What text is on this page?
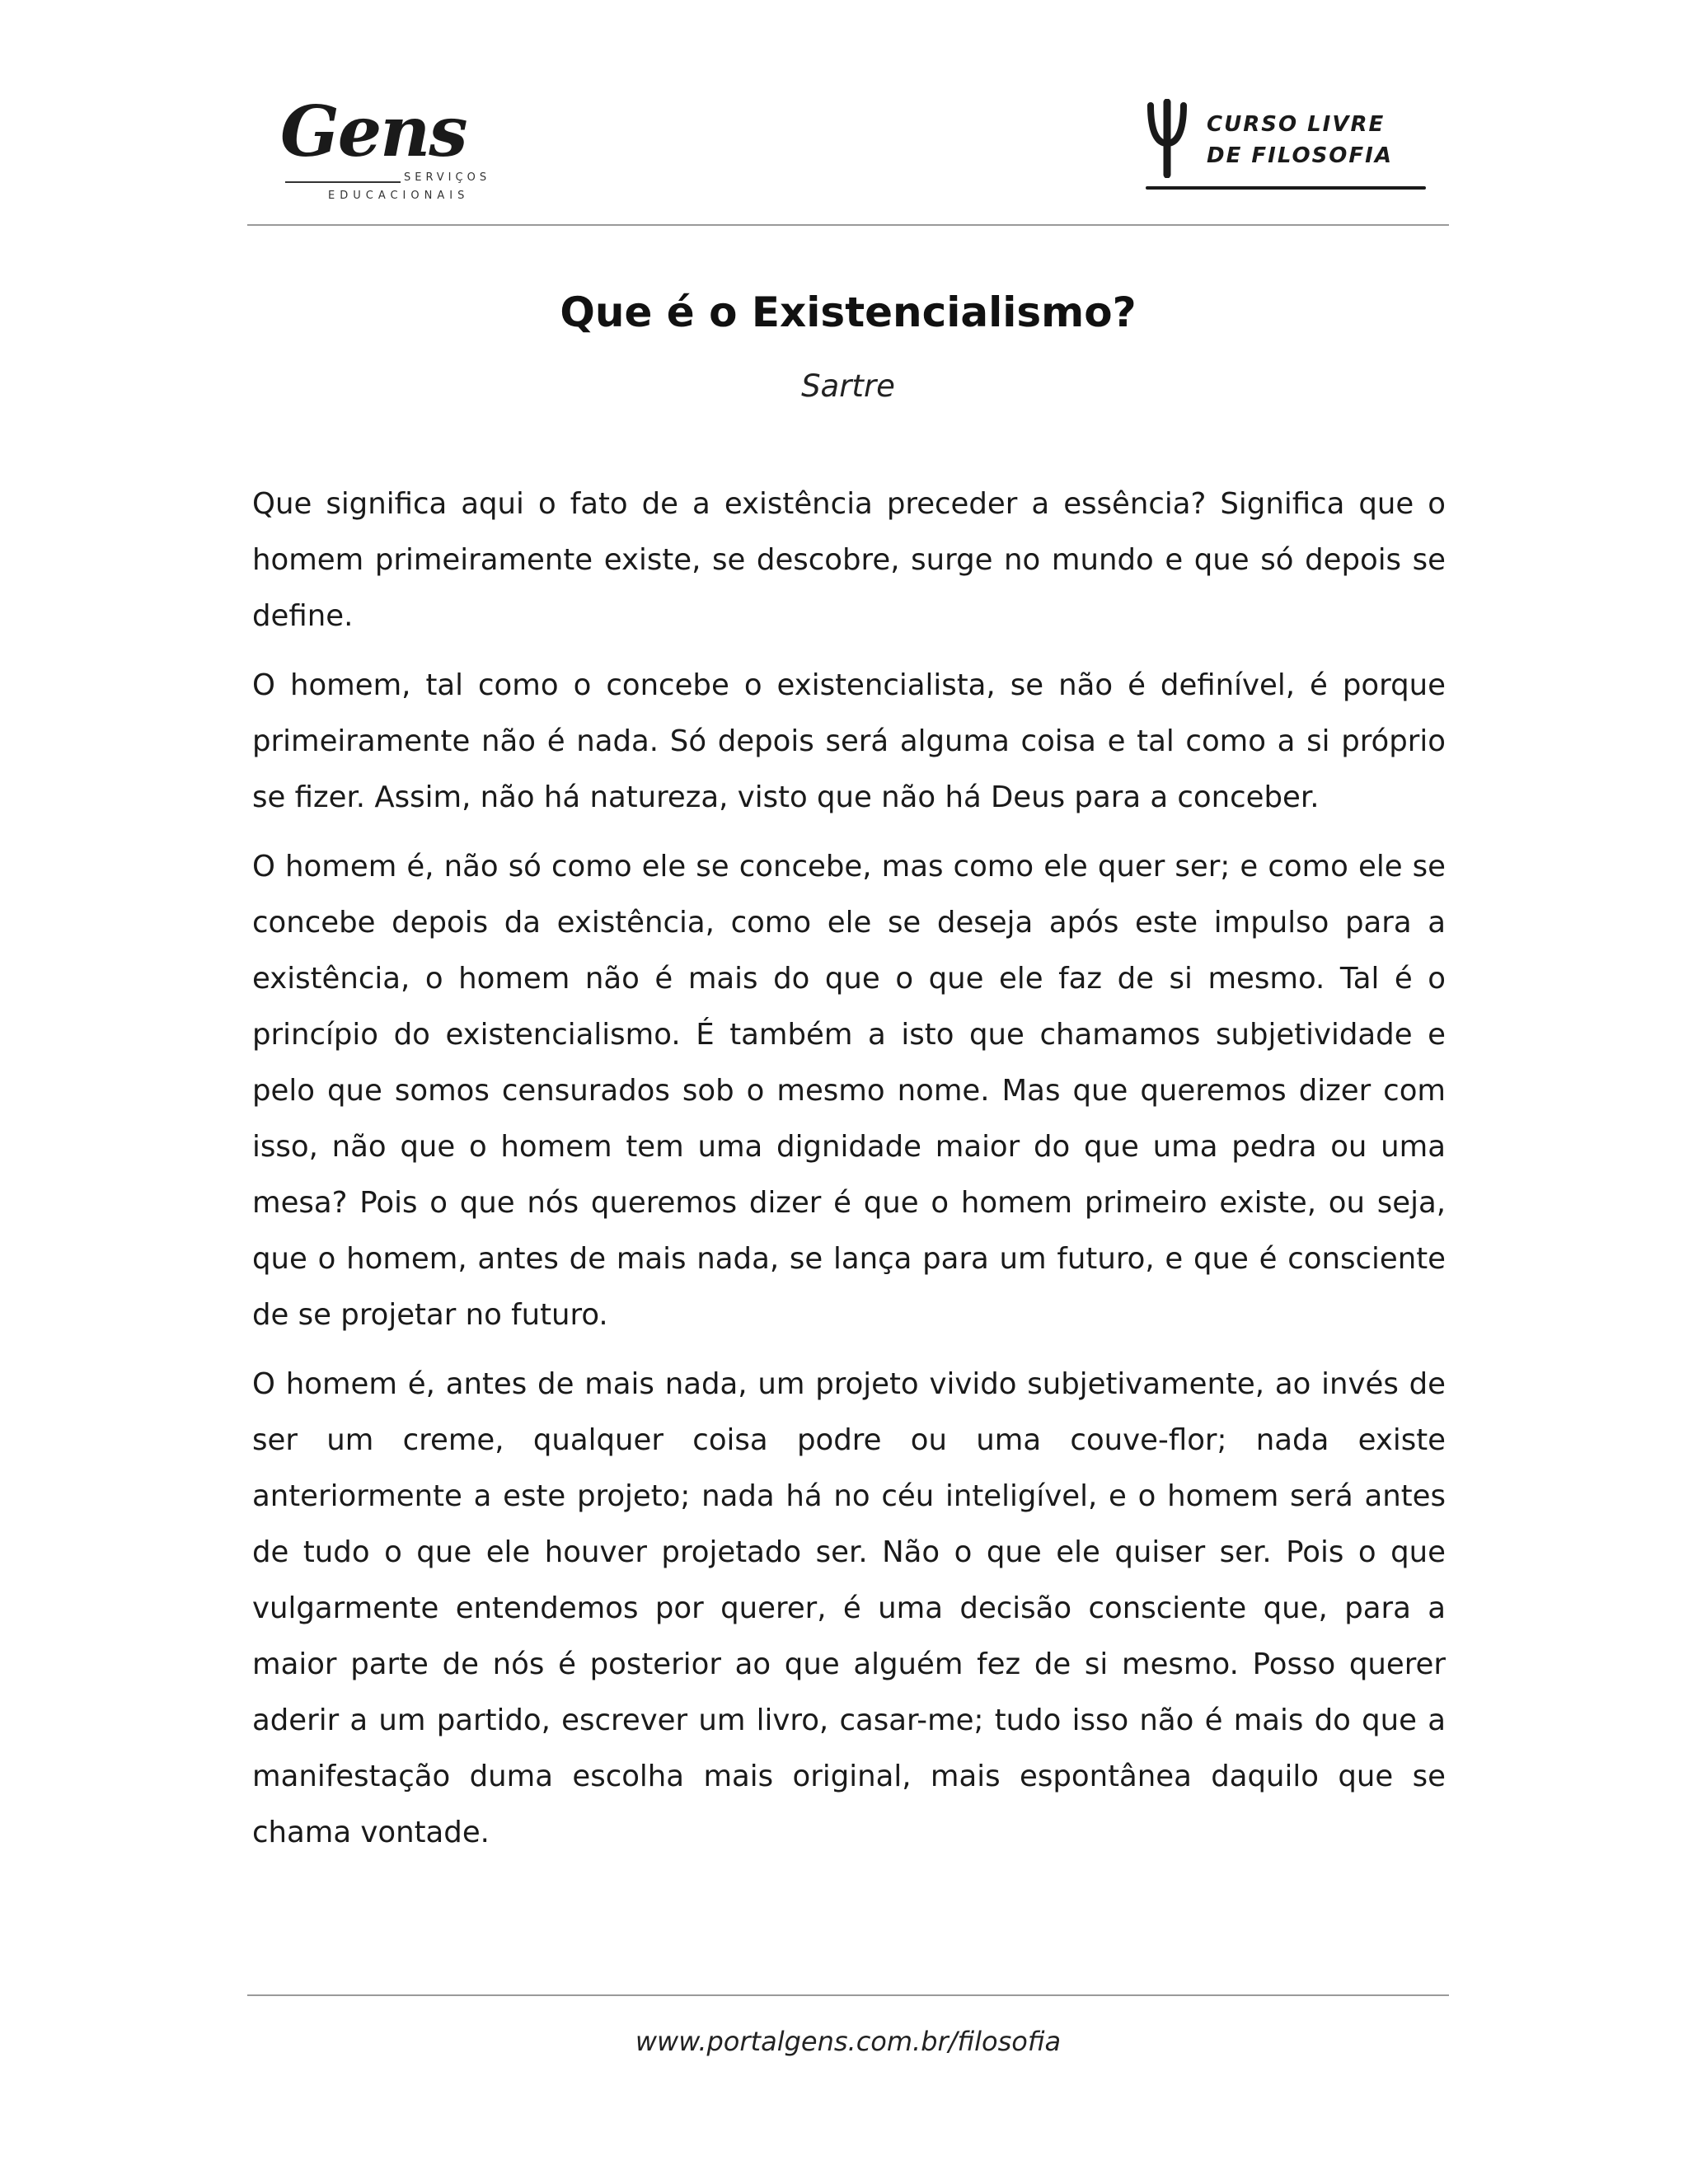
Gens
SERVIÇOS
EDUCACIONAIS
CURSO LIVRE
DE FILOSOFIA
Que é o Existencialismo?
Sartre

Que significa aqui o fato de a existência preceder a essência? Significa que o homem primeiramente existe, se descobre, surge no mundo e que só depois se define.

O homem, tal como o concebe o existencialista, se não é definível, é porque primeiramente não é nada. Só depois será alguma coisa e tal como a si próprio se fizer. Assim, não há natureza, visto que não há Deus para a conceber.

O homem é, não só como ele se concebe, mas como ele quer ser; e como ele se concebe depois da existência, como ele se deseja após este impulso para a existência, o homem não é mais do que o que ele faz de si mesmo. Tal é o princípio do existencialismo. É também a isto que chamamos subjetividade e pelo que somos censurados sob o mesmo nome. Mas que queremos dizer com isso, não que o homem tem uma dignidade maior do que uma pedra ou uma mesa? Pois o que nós queremos dizer é que o homem primeiro existe, ou seja, que o homem, antes de mais nada, se lança para um futuro, e que é consciente de se projetar no futuro.

O homem é, antes de mais nada, um projeto vivido subjetivamente, ao invés de ser um creme, qualquer coisa podre ou uma couve-flor; nada existe anteriormente a este projeto; nada há no céu inteligível, e o homem será antes de tudo o que ele houver projetado ser. Não o que ele quiser ser. Pois o que vulgarmente entendemos por querer, é uma decisão consciente que, para a maior parte de nós é posterior ao que alguém fez de si mesmo. Posso querer aderir a um partido, escrever um livro, casar-me; tudo isso não é mais do que a manifestação duma escolha mais original, mais espontânea daquilo que se chama vontade.

www.portalgens.com.br/filosofia
